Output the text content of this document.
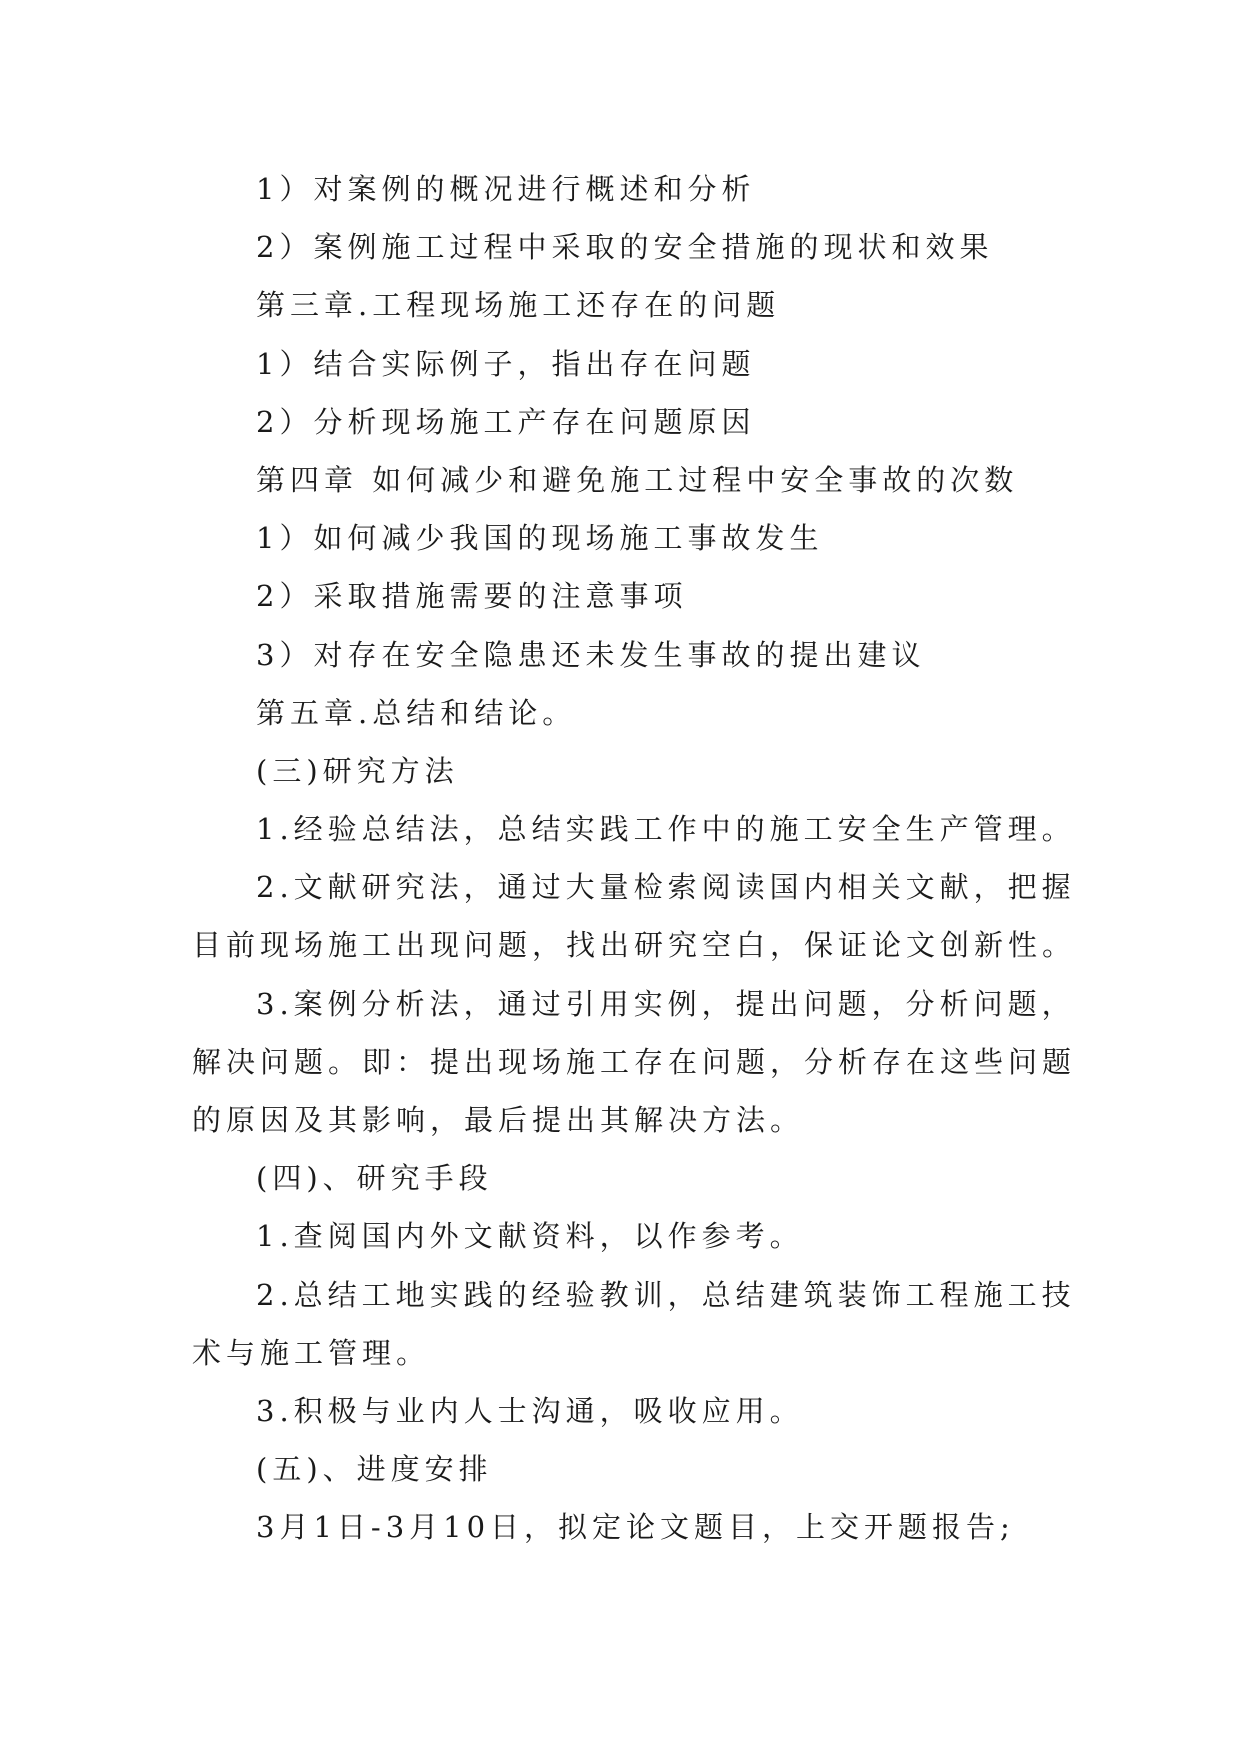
1）对案例的概况进行概述和分析
2）案例施工过程中采取的安全措施的现状和效果
第三章.工程现场施工还存在的问题
1）结合实际例子，指出存在问题
2）分析现场施工产存在问题原因
第四章 如何减少和避免施工过程中安全事故的次数
1）如何减少我国的现场施工事故发生
2）采取措施需要的注意事项
3）对存在安全隐患还未发生事故的提出建议
第五章.总结和结论。
(三)研究方法
1.经验总结法，总结实践工作中的施工安全生产管理。
2.文献研究法，通过大量检索阅读国内相关文献，把握
目前现场施工出现问题，找出研究空白，保证论文创新性。
3.案例分析法，通过引用实例，提出问题，分析问题，
解决问题。即：提出现场施工存在问题，分析存在这些问题
的原因及其影响，最后提出其解决方法。
(四)、研究手段
1.查阅国内外文献资料，以作参考。
2.总结工地实践的经验教训，总结建筑装饰工程施工技
术与施工管理。
3.积极与业内人士沟通，吸收应用。
(五)、进度安排
3月1日-3月10日，拟定论文题目，上交开题报告;
